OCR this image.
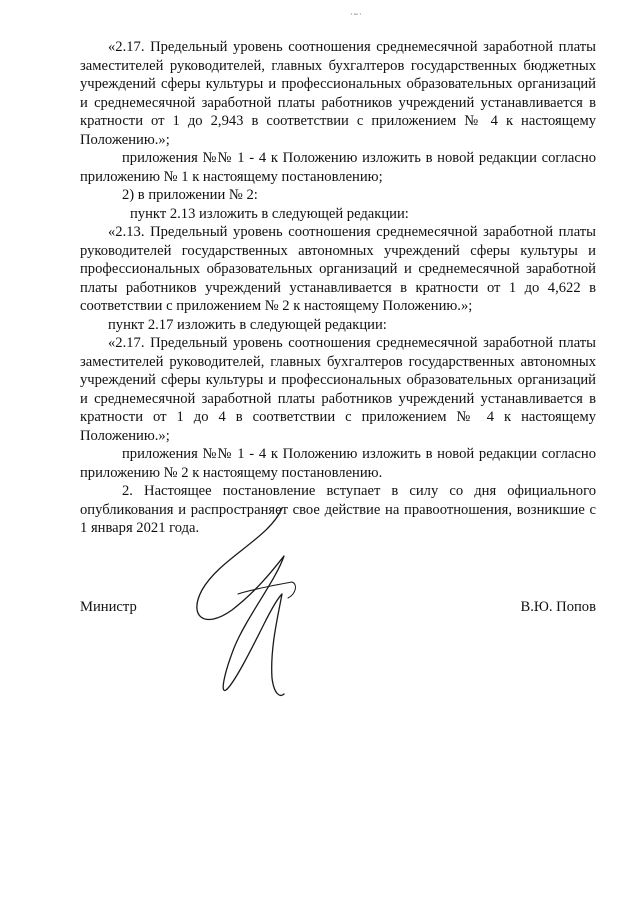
·~·

«2.17. Предельный уровень соотношения среднемесячной заработной платы заместителей руководителей, главных бухгалтеров государственных бюджетных учреждений сферы культуры и профессиональных образовательных организаций и среднемесячной заработной платы работников учреждений устанавливается в кратности от 1 до 2,943 в соответствии с приложением № 4 к настоящему Положению.»;

приложения №№ 1 - 4 к Положению изложить в новой редакции согласно приложению № 1 к настоящему постановлению;

2) в приложении № 2:

пункт 2.13 изложить в следующей редакции:

«2.13. Предельный уровень соотношения среднемесячной заработной платы руководителей государственных автономных учреждений сферы культуры и профессиональных образовательных организаций и среднемесячной заработной платы работников учреждений устанавливается в кратности от 1 до 4,622 в соответствии с приложением № 2 к настоящему Положению.»;

пункт 2.17 изложить в следующей редакции:

«2.17. Предельный уровень соотношения среднемесячной заработной платы заместителей руководителей, главных бухгалтеров государственных автономных учреждений сферы культуры и профессиональных образовательных организаций и среднемесячной заработной платы работников учреждений устанавливается в кратности от 1 до 4 в соответствии с приложением № 4 к настоящему Положению.»;

приложения №№ 1 - 4 к Положению изложить в новой редакции согласно приложению № 2 к настоящему постановлению.

2. Настоящее постановление вступает в силу со дня официального опубликования и распространяет свое действие на правоотношения, возникшие с 1 января 2021 года.

Министр	В.Ю. Попов
